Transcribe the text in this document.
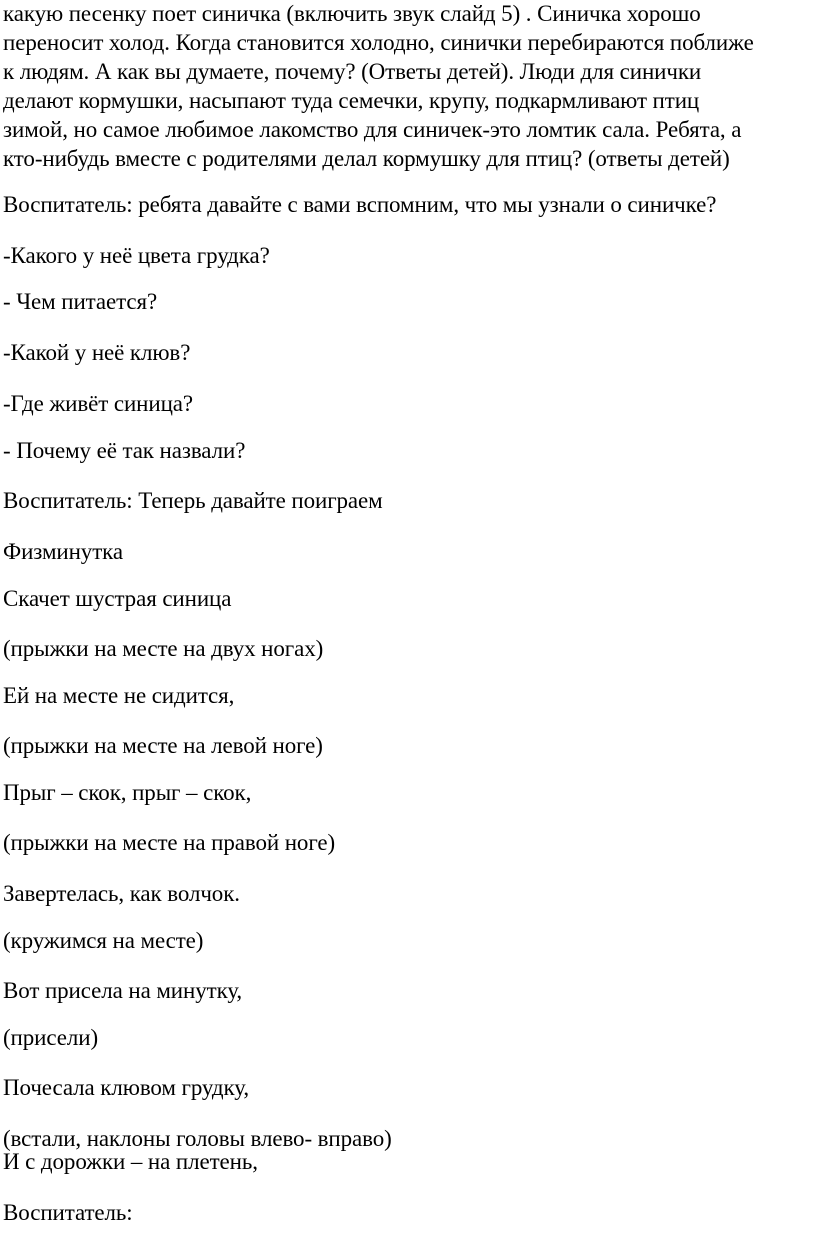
какую песенку поет синичка (включить звук слайд 5) . Синичка хорошо
переносит холод. Когда становится холодно, синички перебираются поближе
к людям. А как вы думаете, почему? (Ответы детей). Люди для синички
делают кормушки, насыпают туда семечки, крупу, подкармливают птиц
зимой, но самое любимое лакомство для синичек-это ломтик сала. Ребята, а
кто-нибудь вместе с родителями делал кормушку для птиц? (ответы детей)

Воспитатель: ребята давайте с вами вспомним, что мы узнали о синичке?

-Какого у неё цвета грудка?

- Чем питается?

-Какой у неё клюв?

-Где живёт синица?

- Почему её так назвали?

Воспитатель: Теперь давайте поиграем

Физминутка

Скачет шустрая синица

(прыжки на месте на двух ногах)

Ей на месте не сидится,

(прыжки на месте на левой ноге)

Прыг – скок, прыг – скок,

(прыжки на месте на правой ноге)

Завертелась, как волчок.

(кружимся на месте)

Вот присела на минутку,

(присели)

Почесала клювом грудку,

(встали, наклоны головы влево- вправо)

И с дорожки – на плетень,

Воспитатель:
